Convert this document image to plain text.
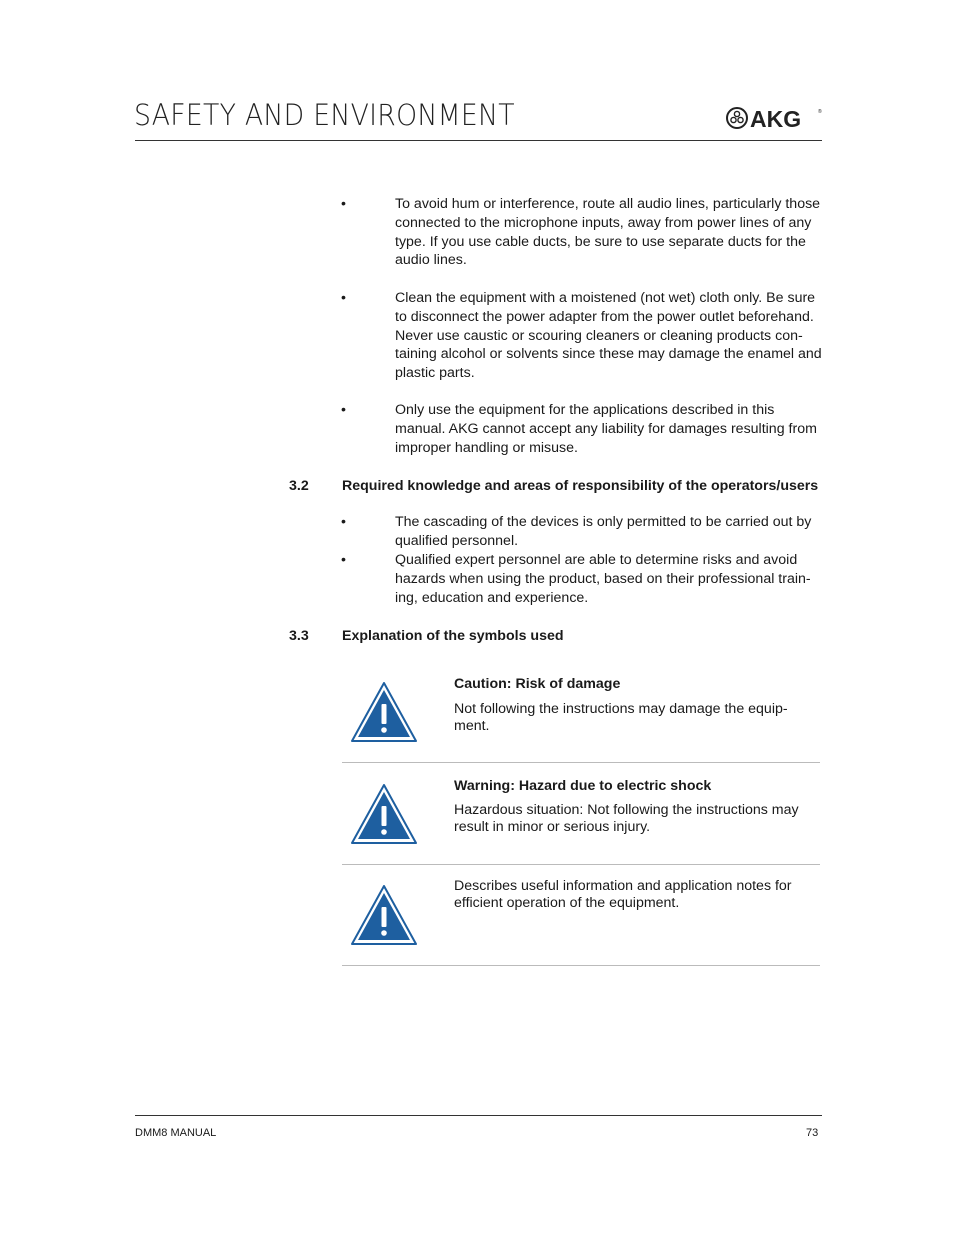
SAFETY AND ENVIRONMENT	AKG	®
•	To avoid hum or interference, route all audio lines, particularly those connected to the microphone inputs, away from power lines of any type. If you use cable ducts, be sure to use separate ducts for the audio lines.
•	Clean the equipment with a moistened (not wet) cloth only. Be sure to disconnect the power adapter from the power outlet beforehand. Never use caustic or scouring cleaners or cleaning products con-taining alcohol or solvents since these may damage the enamel and plastic parts.
•	Only use the equipment for the applications described in this manual. AKG cannot accept any liability for damages resulting from improper handling or misuse.
3.2 Required knowledge and areas of responsibility of the operators/users
•	The cascading of the devices is only permitted to be carried out by qualified personnel.
•	Qualified expert personnel are able to determine risks and avoid hazards when using the product, based on their professional train-ing, education and experience.
3.3 Explanation of the symbols used
Caution: Risk of damage
Not following the instructions may damage the equip-ment.
Warning: Hazard due to electric shock
Hazardous situation: Not following the instructions may result in minor or serious injury.
Describes useful information and application notes for efficient operation of the equipment.
DMM8 MANUAL	73
